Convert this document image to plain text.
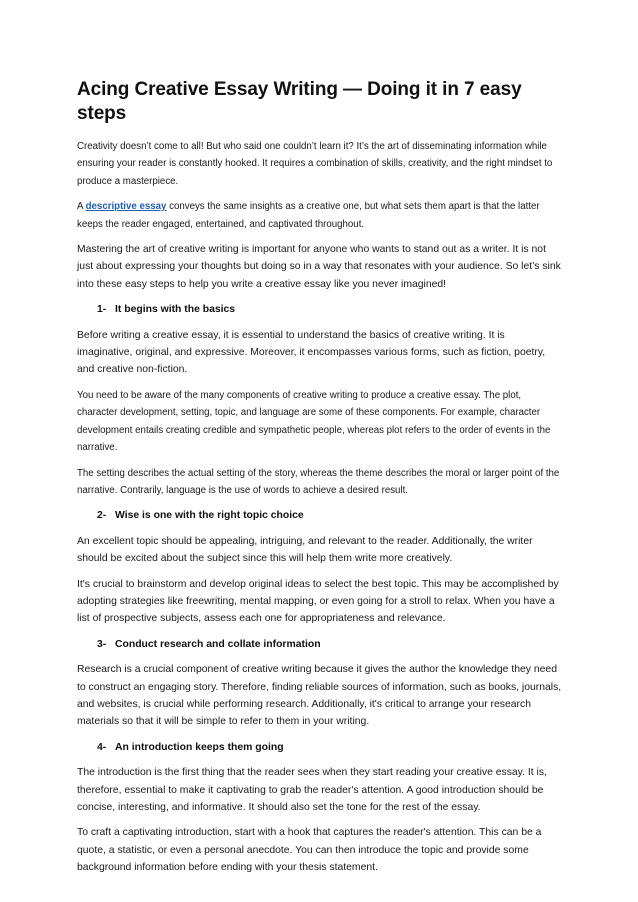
Acing Creative Essay Writing — Doing it in 7 easy steps

Creativity doesn’t come to all! But who said one couldn’t learn it? It’s the art of disseminating information while ensuring your reader is constantly hooked. It requires a combination of skills, creativity, and the right mindset to produce a masterpiece.

A descriptive essay conveys the same insights as a creative one, but what sets them apart is that the latter keeps the reader engaged, entertained, and captivated throughout.

Mastering the art of creative writing is important for anyone who wants to stand out as a writer. It is not just about expressing your thoughts but doing so in a way that resonates with your audience. So let’s sink into these easy steps to help you write a creative essay like you never imagined!

1- It begins with the basics

Before writing a creative essay, it is essential to understand the basics of creative writing. It is imaginative, original, and expressive. Moreover, it encompasses various forms, such as fiction, poetry, and creative non-fiction.

You need to be aware of the many components of creative writing to produce a creative essay. The plot, character development, setting, topic, and language are some of these components. For example, character development entails creating credible and sympathetic people, whereas plot refers to the order of events in the narrative.

The setting describes the actual setting of the story, whereas the theme describes the moral or larger point of the narrative. Contrarily, language is the use of words to achieve a desired result.

2- Wise is one with the right topic choice

An excellent topic should be appealing, intriguing, and relevant to the reader. Additionally, the writer should be excited about the subject since this will help them write more creatively.

It's crucial to brainstorm and develop original ideas to select the best topic. This may be accomplished by adopting strategies like freewriting, mental mapping, or even going for a stroll to relax. When you have a list of prospective subjects, assess each one for appropriateness and relevance.

3- Conduct research and collate information

Research is a crucial component of creative writing because it gives the author the knowledge they need to construct an engaging story. Therefore, finding reliable sources of information, such as books, journals, and websites, is crucial while performing research. Additionally, it's critical to arrange your research materials so that it will be simple to refer to them in your writing.

4- An introduction keeps them going

The introduction is the first thing that the reader sees when they start reading your creative essay. It is, therefore, essential to make it captivating to grab the reader's attention. A good introduction should be concise, interesting, and informative. It should also set the tone for the rest of the essay.

To craft a captivating introduction, start with a hook that captures the reader's attention. This can be a quote, a statistic, or even a personal anecdote. You can then introduce the topic and provide some background information before ending with your thesis statement.
